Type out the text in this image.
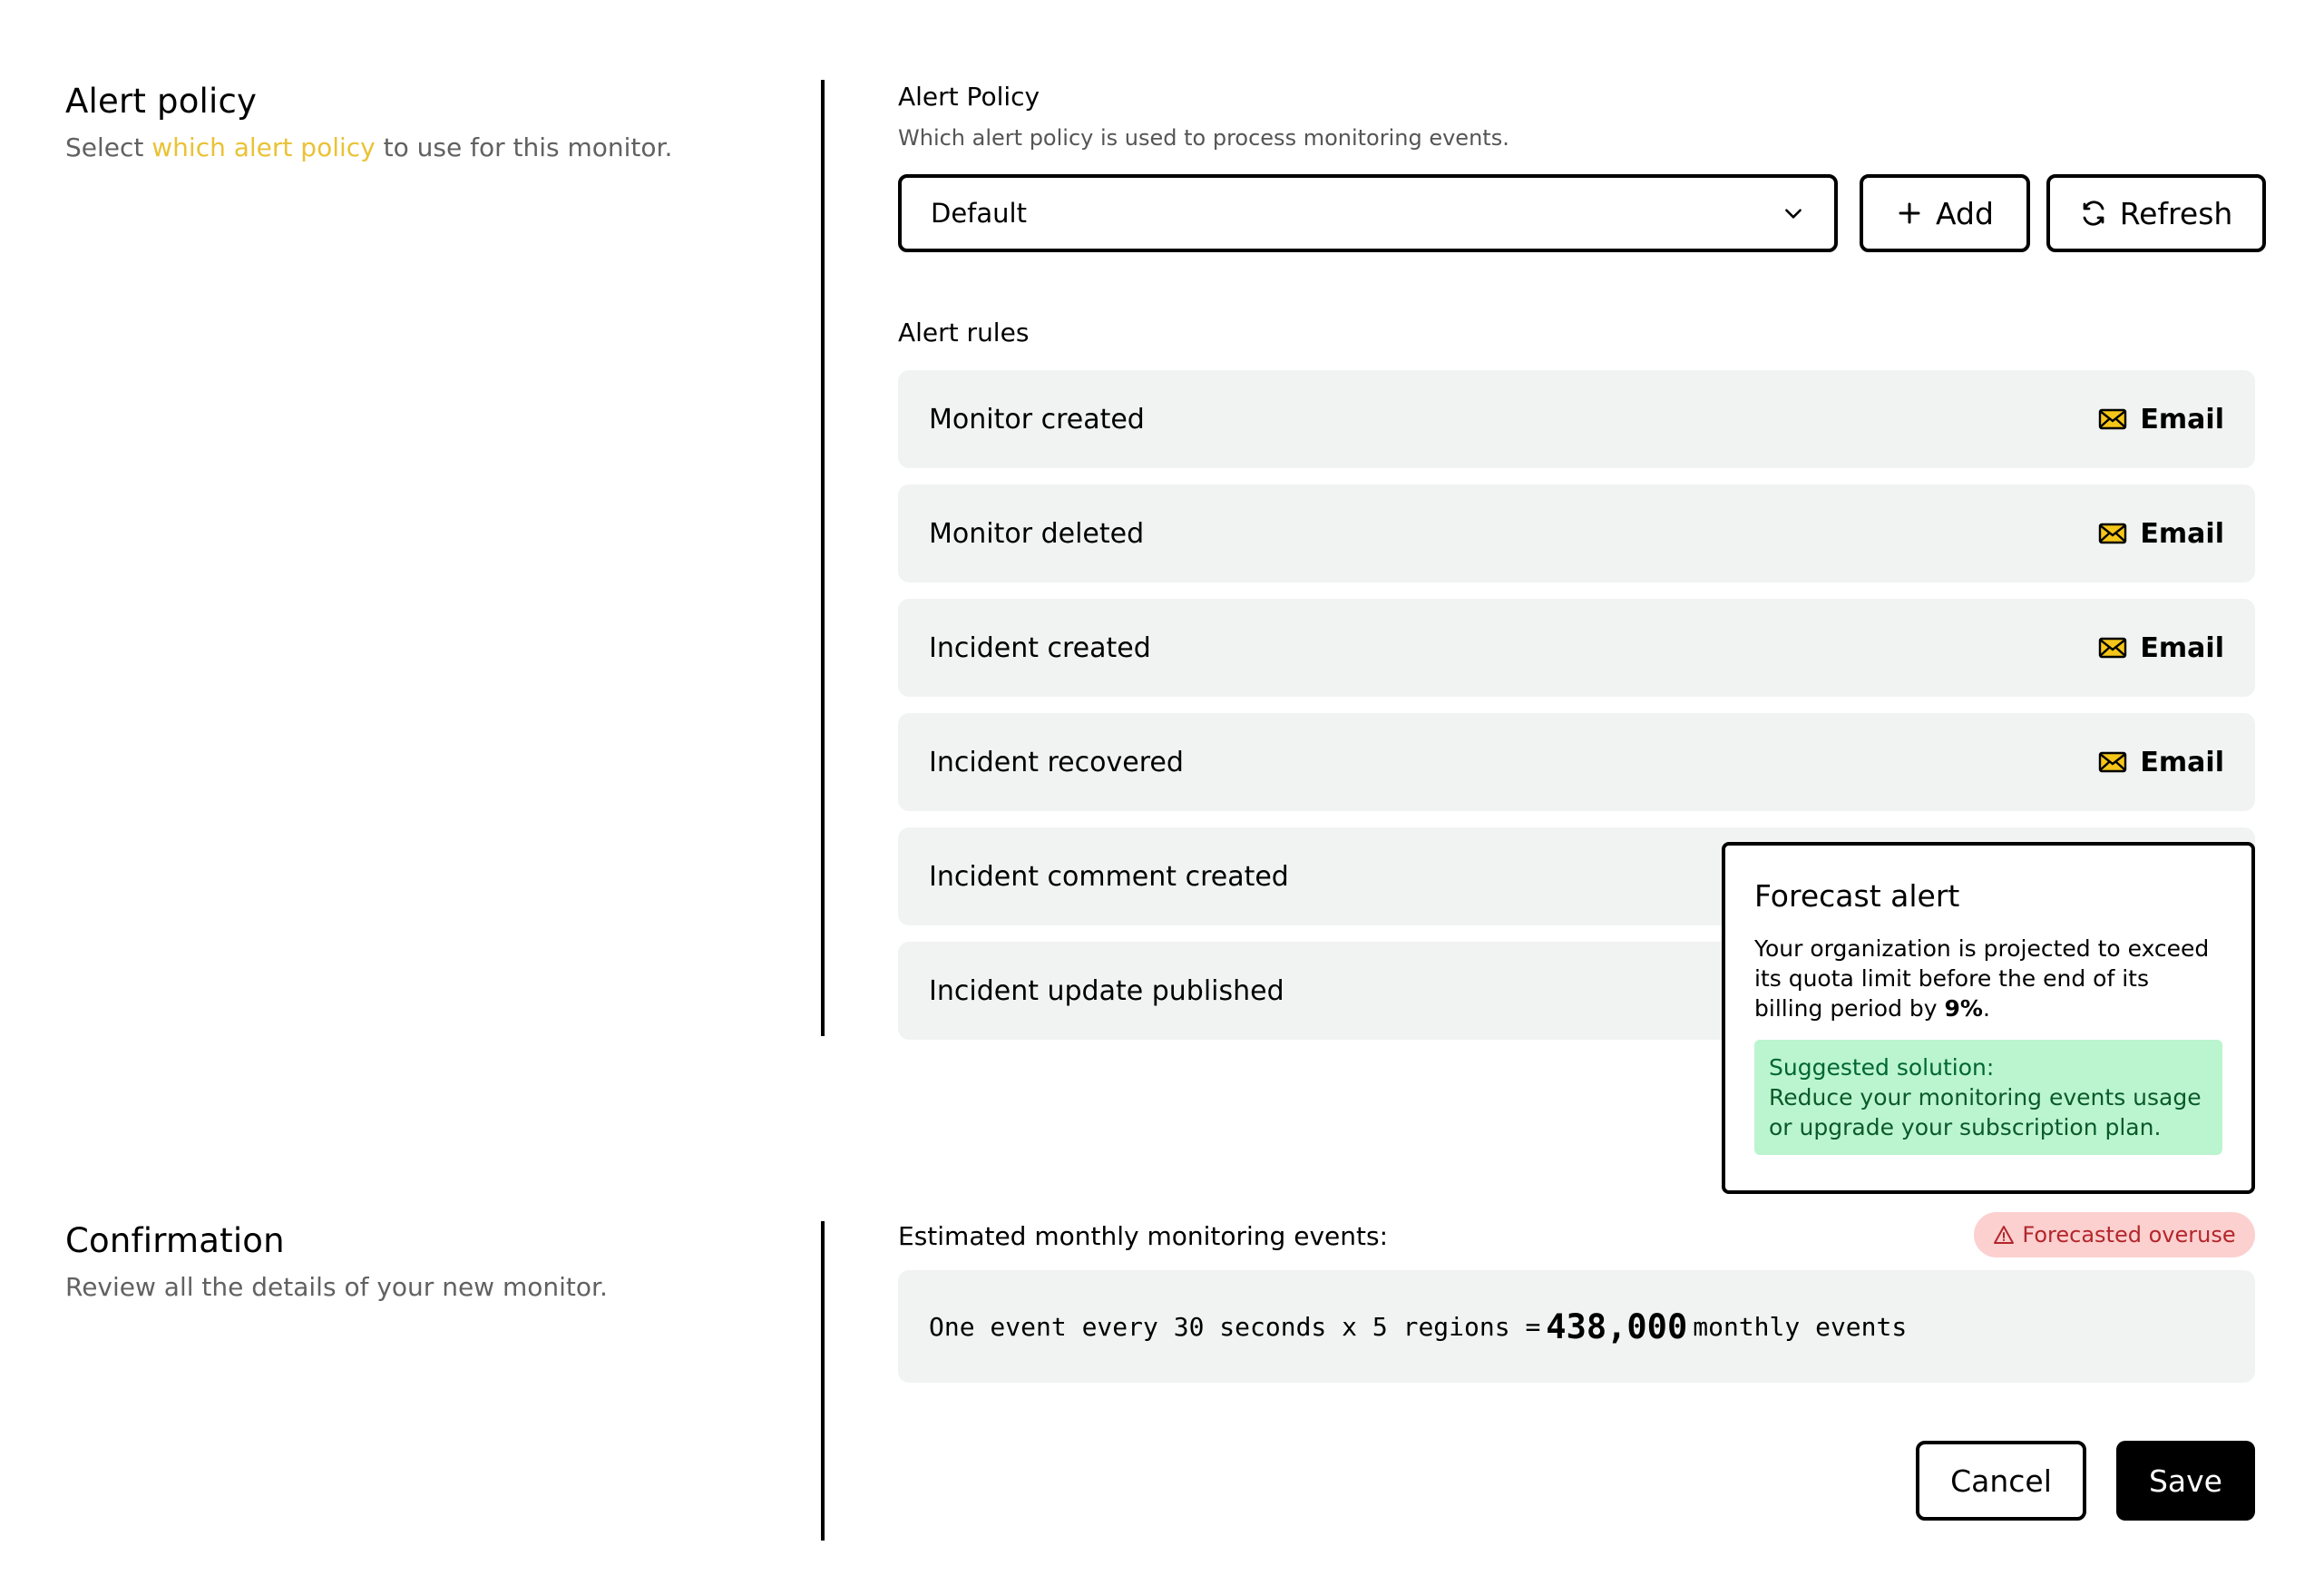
Alert policy

Select which alert policy to use for this monitor.

Alert Policy

Which alert policy is used to process monitoring events.

Default	Add	Refresh

Alert rules

Monitor created	Email
Monitor deleted	Email
Incident created	Email
Incident recovered	Email
Incident comment created
Incident update published
Forecast alert

Your organization is projected to exceed its quota limit before the end of its billing period by 9%.

Suggested solution:
Reduce your monitoring events usage or upgrade your subscription plan.
Confirmation

Review all the details of your new monitor.

Estimated monthly monitoring events:	Forecasted overuse
One event every 30 seconds x 5 regions = 438,000 monthly events
Cancel	Save
